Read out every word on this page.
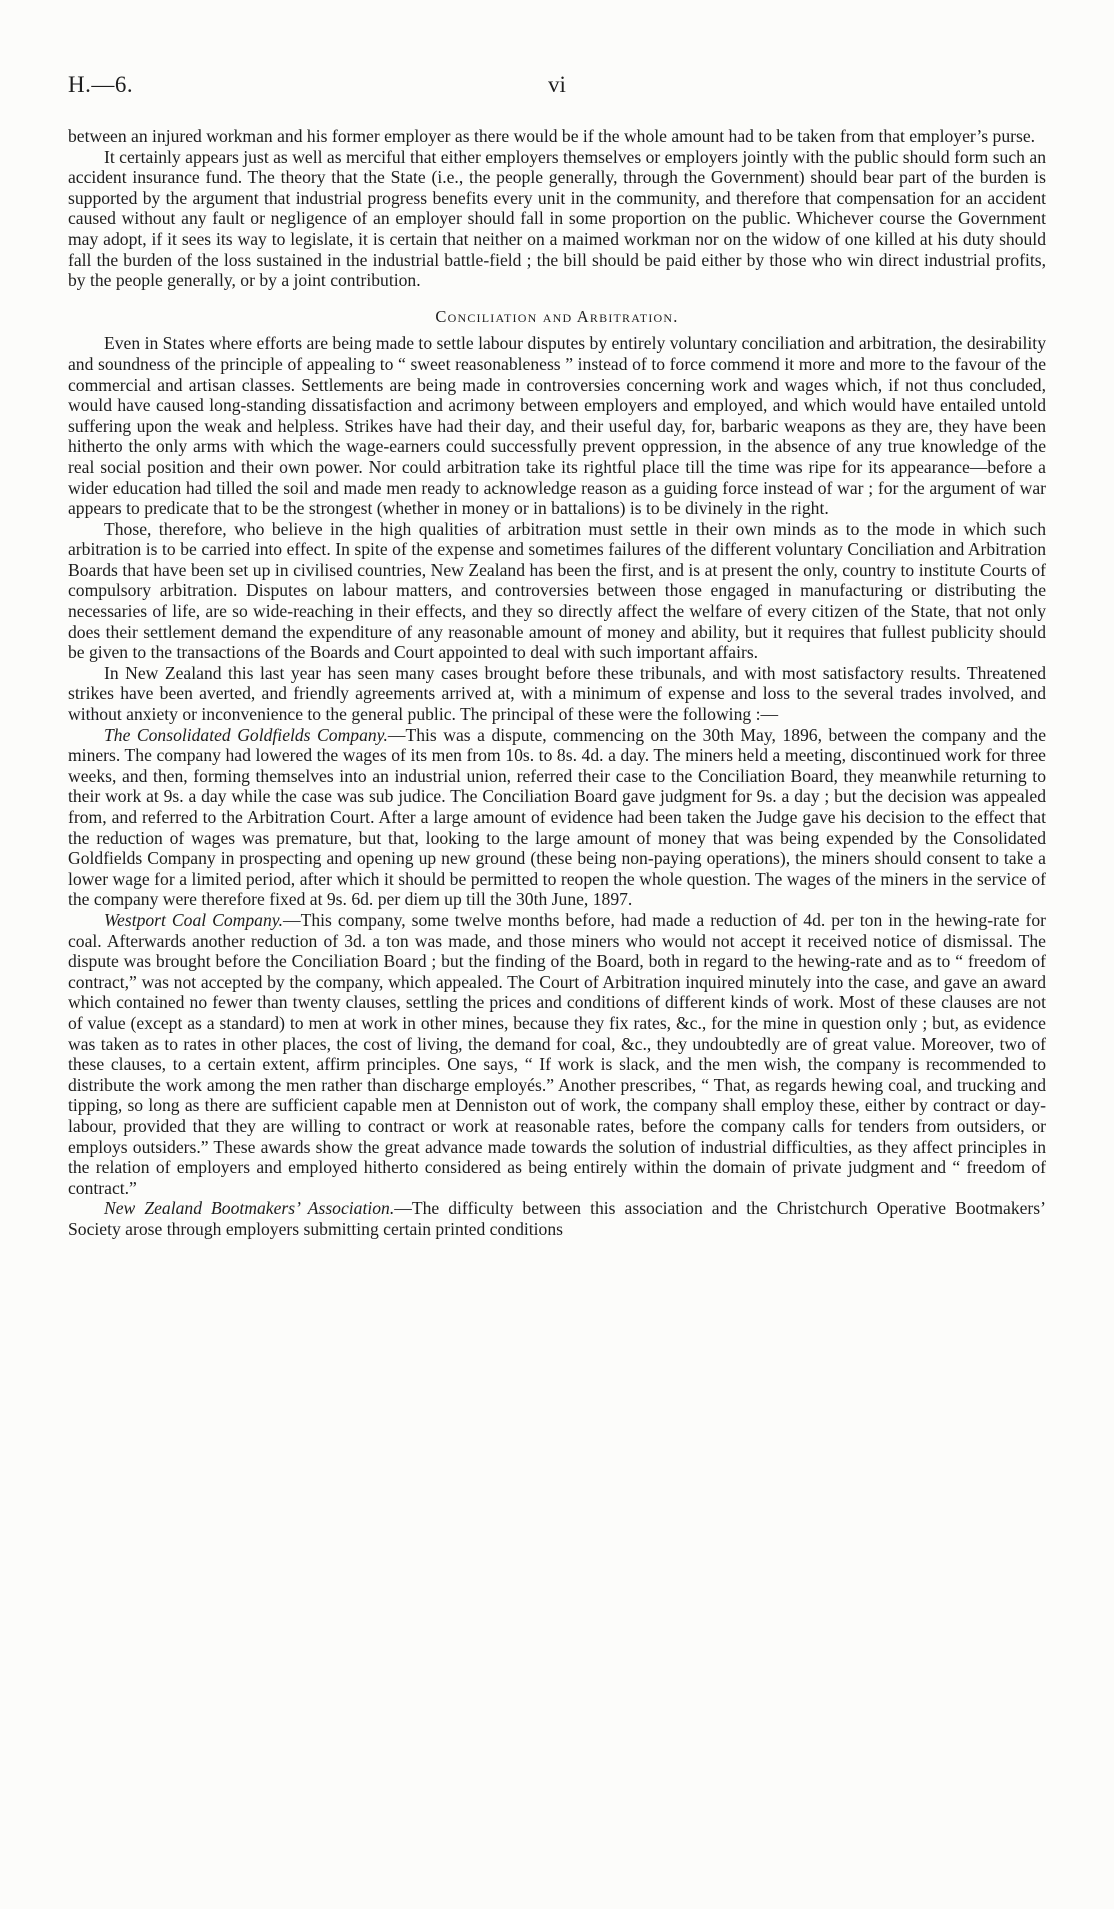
H.—6.	vi

between an injured workman and his former employer as there would be if the whole amount had to be taken from that employer’s purse.

It certainly appears just as well as merciful that either employers themselves or employers jointly with the public should form such an accident insurance fund. The theory that the State (i.e., the people generally, through the Government) should bear part of the burden is supported by the argument that industrial progress benefits every unit in the community, and therefore that compensation for an accident caused without any fault or negligence of an employer should fall in some proportion on the public. Whichever course the Government may adopt, if it sees its way to legislate, it is certain that neither on a maimed workman nor on the widow of one killed at his duty should fall the burden of the loss sustained in the industrial battle-field ; the bill should be paid either by those who win direct industrial profits, by the people generally, or by a joint contribution.

Conciliation and Arbitration.

Even in States where efforts are being made to settle labour disputes by entirely voluntary conciliation and arbitration, the desirability and soundness of the principle of appealing to “ sweet reasonableness ” instead of to force commend it more and more to the favour of the commercial and artisan classes. Settlements are being made in controversies concerning work and wages which, if not thus concluded, would have caused long-standing dissatisfaction and acrimony between employers and employed, and which would have entailed untold suffering upon the weak and helpless. Strikes have had their day, and their useful day, for, barbaric weapons as they are, they have been hitherto the only arms with which the wage-earners could successfully prevent oppression, in the absence of any true knowledge of the real social position and their own power. Nor could arbitration take its rightful place till the time was ripe for its appearance—before a wider education had tilled the soil and made men ready to acknowledge reason as a guiding force instead of war ; for the argument of war appears to predicate that to be the strongest (whether in money or in battalions) is to be divinely in the right.

Those, therefore, who believe in the high qualities of arbitration must settle in their own minds as to the mode in which such arbitration is to be carried into effect. In spite of the expense and sometimes failures of the different voluntary Conciliation and Arbitration Boards that have been set up in civilised countries, New Zealand has been the first, and is at present the only, country to institute Courts of compulsory arbitration. Disputes on labour matters, and controversies between those engaged in manufacturing or distributing the necessaries of life, are so wide-reaching in their effects, and they so directly affect the welfare of every citizen of the State, that not only does their settlement demand the expenditure of any reasonable amount of money and ability, but it requires that fullest publicity should be given to the transactions of the Boards and Court appointed to deal with such important affairs.

In New Zealand this last year has seen many cases brought before these tribunals, and with most satisfactory results. Threatened strikes have been averted, and friendly agreements arrived at, with a minimum of expense and loss to the several trades involved, and without anxiety or inconvenience to the general public. The principal of these were the following :—

The Consolidated Goldfields Company.—This was a dispute, commencing on the 30th May, 1896, between the company and the miners. The company had lowered the wages of its men from 10s. to 8s. 4d. a day. The miners held a meeting, discontinued work for three weeks, and then, forming themselves into an industrial union, referred their case to the Conciliation Board, they meanwhile returning to their work at 9s. a day while the case was sub judice. The Conciliation Board gave judgment for 9s. a day ; but the decision was appealed from, and referred to the Arbitration Court. After a large amount of evidence had been taken the Judge gave his decision to the effect that the reduction of wages was premature, but that, looking to the large amount of money that was being expended by the Consolidated Goldfields Company in prospecting and opening up new ground (these being non-paying operations), the miners should consent to take a lower wage for a limited period, after which it should be permitted to reopen the whole question. The wages of the miners in the service of the company were therefore fixed at 9s. 6d. per diem up till the 30th June, 1897.

Westport Coal Company.—This company, some twelve months before, had made a reduction of 4d. per ton in the hewing-rate for coal. Afterwards another reduction of 3d. a ton was made, and those miners who would not accept it received notice of dismissal. The dispute was brought before the Conciliation Board ; but the finding of the Board, both in regard to the hewing-rate and as to “ freedom of contract,” was not accepted by the company, which appealed. The Court of Arbitration inquired minutely into the case, and gave an award which contained no fewer than twenty clauses, settling the prices and conditions of different kinds of work. Most of these clauses are not of value (except as a standard) to men at work in other mines, because they fix rates, &c., for the mine in question only ; but, as evidence was taken as to rates in other places, the cost of living, the demand for coal, &c., they undoubtedly are of great value. Moreover, two of these clauses, to a certain extent, affirm principles. One says, “ If work is slack, and the men wish, the company is recommended to distribute the work among the men rather than discharge employés.” Another prescribes, “ That, as regards hewing coal, and trucking and tipping, so long as there are sufficient capable men at Denniston out of work, the company shall employ these, either by contract or day-labour, provided that they are willing to contract or work at reasonable rates, before the company calls for tenders from outsiders, or employs outsiders.” These awards show the great advance made towards the solution of industrial difficulties, as they affect principles in the relation of employers and employed hitherto considered as being entirely within the domain of private judgment and “ freedom of contract.”

New Zealand Bootmakers’ Association.—The difficulty between this association and the Christchurch Operative Bootmakers’ Society arose through employers submitting certain printed conditions
